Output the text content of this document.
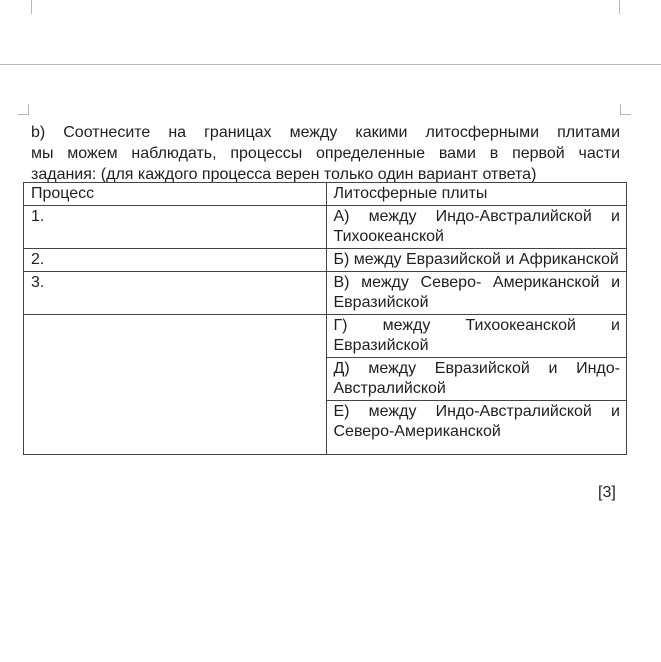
b) Соотнесите на границах между какими литосферными плитами
мы можем наблюдать, процессы определенные вами в первой части
задания: (для каждого процесса верен только один вариант ответа)
Процесс	Литосферные плиты
1.	А) между Индо-Австралийской и Тихоокеанской
2.	Б) между Евразийской и Африканской
3.	В) между Северо- Американской и Евразийской
	Г) между Тихоокеанской и Евразийской
	Д) между Евразийской и Индо-Австралийской
	Е) между Индо-Австралийской и Северо-Американской
[3]
